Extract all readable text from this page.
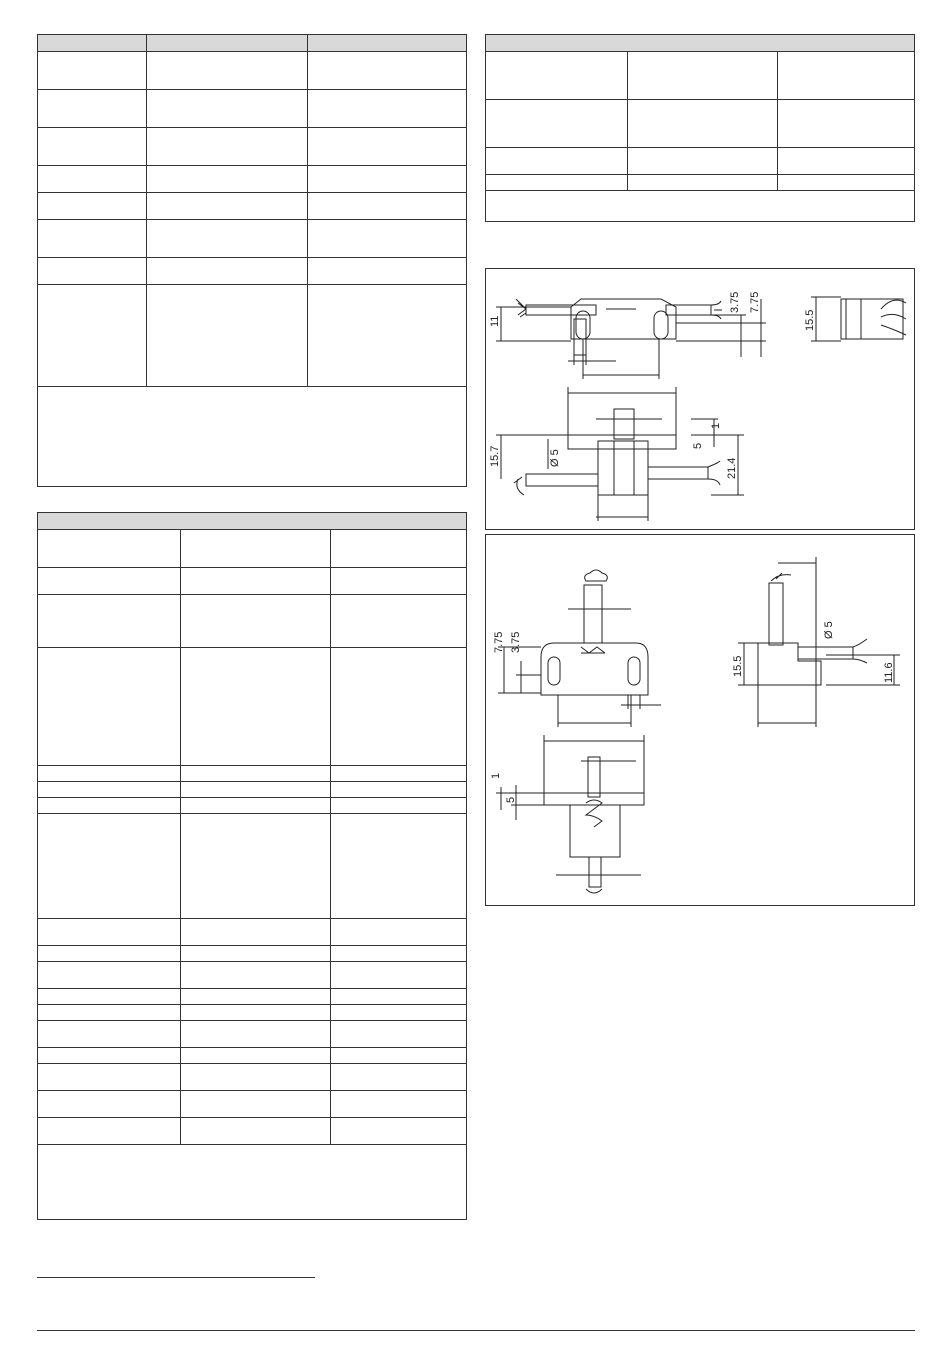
11
3.75 7.75
15.5
1
5
15.7	Ø 5	21.4
7.75 3.75
Ø 5
15.5	11.6
1
5
